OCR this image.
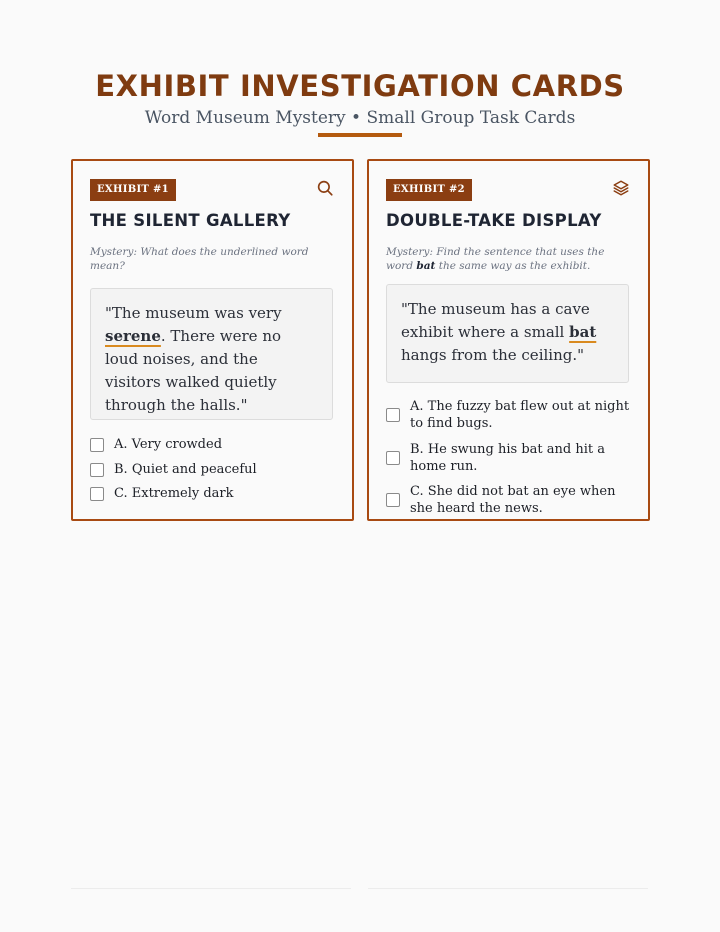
EXHIBIT INVESTIGATION CARDS

Word Museum Mystery • Small Group Task Cards

EXHIBIT #1
THE SILENT GALLERY

Mystery: What does the underlined word mean?

"The museum was very serene. There were no loud noises, and the visitors walked quietly through the halls."
A. Very crowded
B. Quiet and peaceful
C. Extremely dark
EXHIBIT #2
DOUBLE-TAKE DISPLAY

Mystery: Find the sentence that uses the word bat the same way as the exhibit.

"The museum has a cave exhibit where a small bat hangs from the ceiling."
A. The fuzzy bat flew out at night to find bugs.
B. He swung his bat and hit a home run.
C. She did not bat an eye when she heard the news.
